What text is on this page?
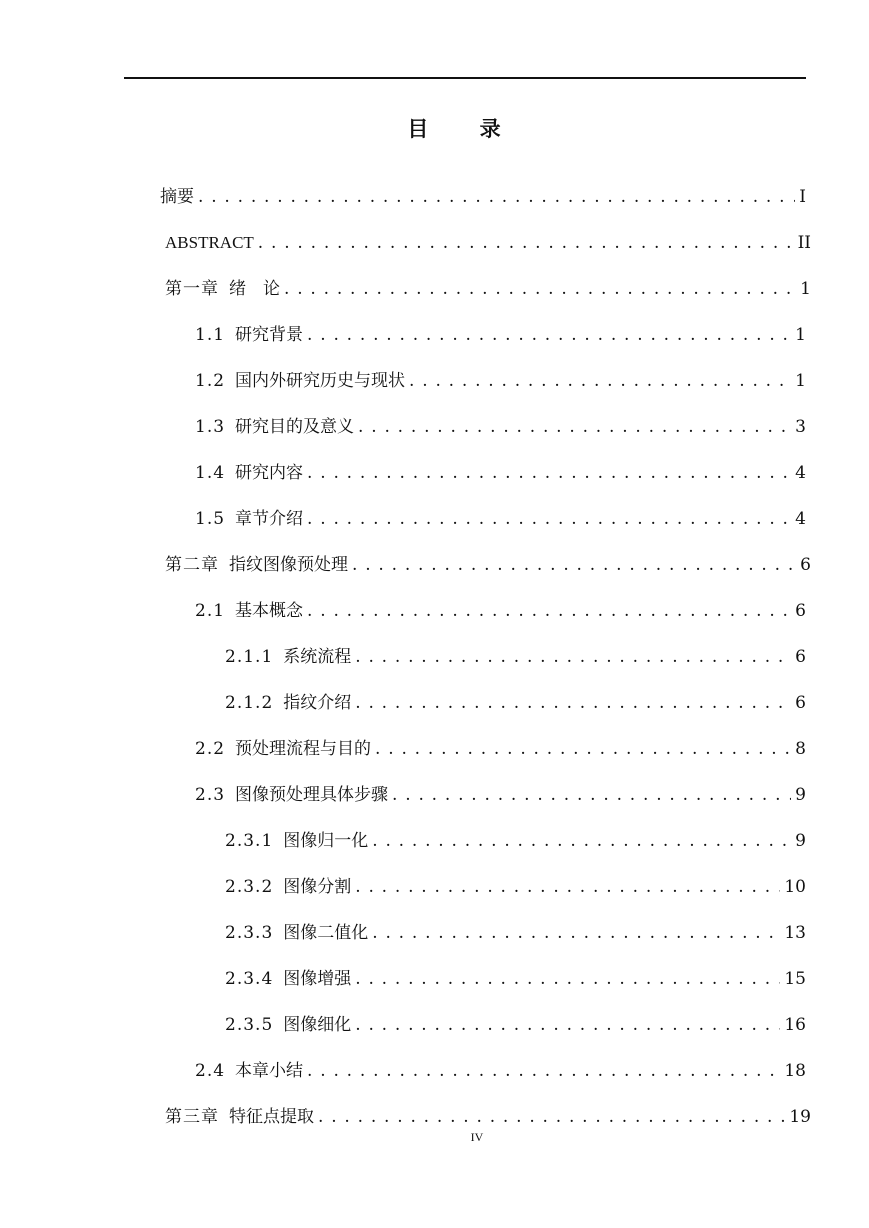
目 录
摘要 . . .	I
ABSTRACT . . .	II
第一章 绪　论 . . .	1
1.1 研究背景 . . .	1
1.2 国内外研究历史与现状 . . .	1
1.3 研究目的及意义 . . .	3
1.4 研究内容 . . .	4
1.5 章节介绍 . . .	4
第二章 指纹图像预处理 . . .	6
2.1 基本概念 . . .	6
2.1.1 系统流程 . . .	6
2.1.2 指纹介绍 . . .	6
2.2 预处理流程与目的 . . .	8
2.3 图像预处理具体步骤 . . .	9
2.3.1 图像归一化 . . .	9
2.3.2 图像分割 . . .	10
2.3.3 图像二值化 . . .	13
2.3.4 图像增强 . . .	15
2.3.5 图像细化 . . .	16
2.4 本章小结 . . .	18
第三章 特征点提取 . . .	19
IV
